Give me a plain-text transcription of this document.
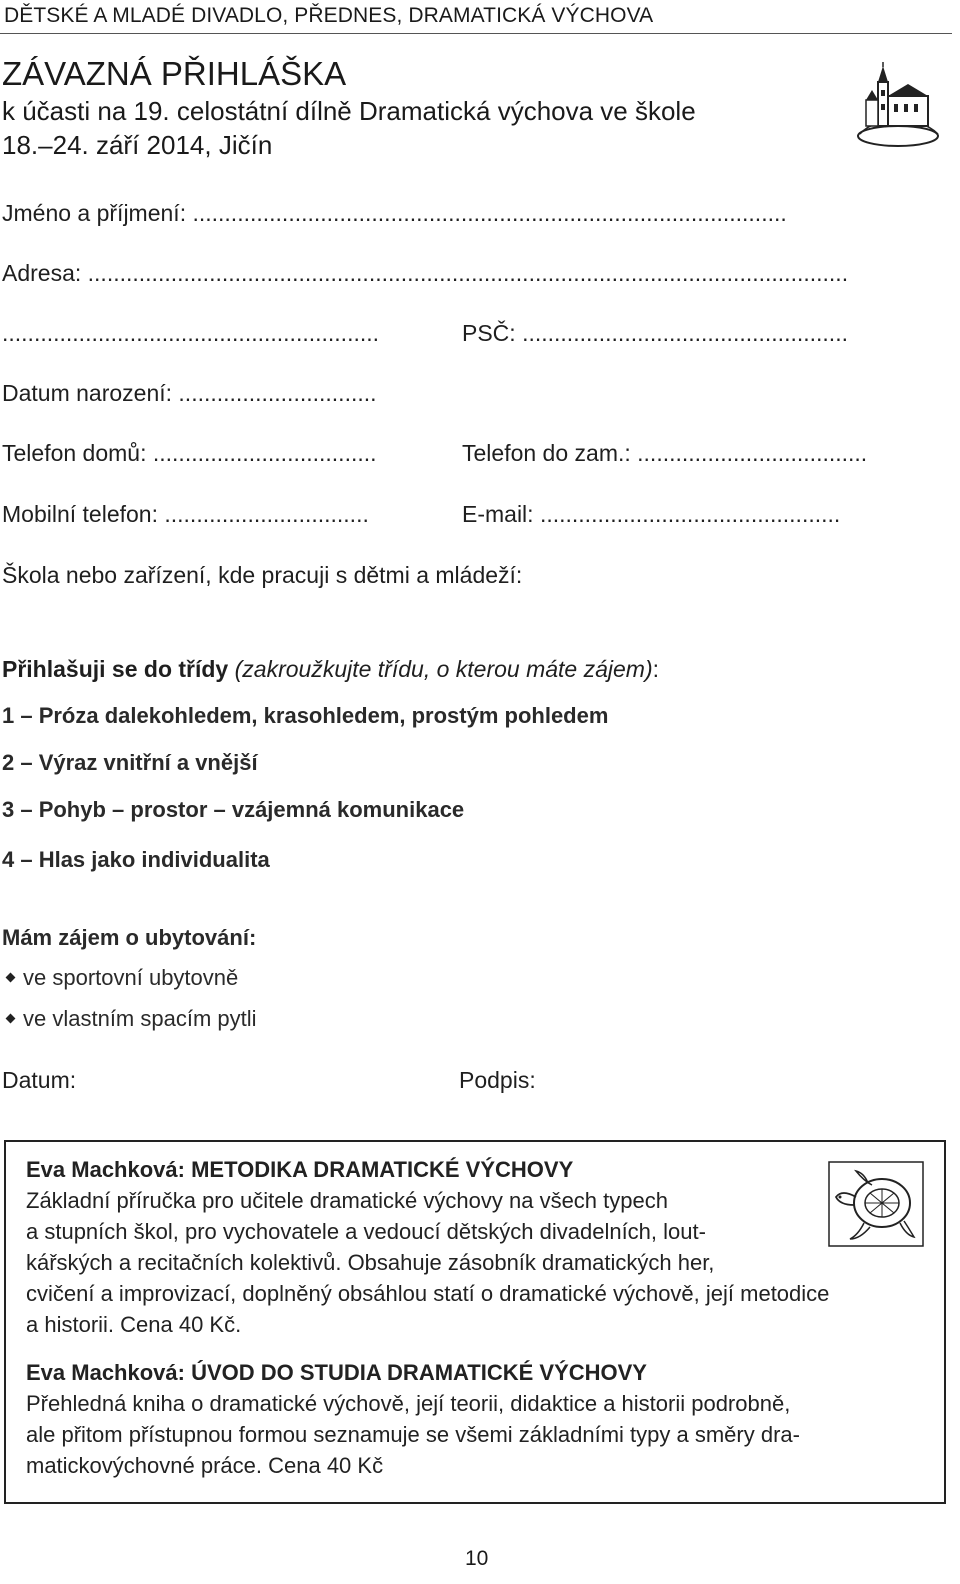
DĚTSKÉ A MLADÉ DIVADLO, PŘEDNES, DRAMATICKÁ VÝCHOVA
ZÁVAZNÁ PŘIHLÁŠKA
k účasti na 19. celostátní dílně Dramatická výchova ve škole
18.–24. září 2014, Jičín
Jméno a příjmení: .............................................................................................
Adresa: .......................................................................................................................
...........................................................	PSČ: ...................................................
Datum narození: ...............................
Telefon domů: ...................................	Telefon do zam.: ....................................
Mobilní telefon: ................................	E-mail: ...............................................
Škola nebo zařízení, kde pracuji s dětmi a mládeží:
Přihlašuji se do třídy (zakroužkujte třídu, o kterou máte zájem):
1 – Próza dalekohledem, krasohledem, prostým pohledem
2 – Výraz vnitřní a vnější
3 – Pohyb – prostor – vzájemná komunikace
4 – Hlas jako individualita
Mám zájem o ubytování:
ve sportovní ubytovně
ve vlastním spacím pytli
Datum:	Podpis:
Eva Machková: METODIKA DRAMATICKÉ VÝCHOVY
Základní příručka pro učitele dramatické výchovy na všech typech
a stupních škol, pro vychovatele a vedoucí dětských divadelních, lout-
kářských a recitačních kolektivů. Obsahuje zásobník dramatických her,
cvičení a improvizací, doplněný obsáhlou statí o dramatické výchově, její metodice
a historii. Cena 40 Kč.
Eva Machková: ÚVOD DO STUDIA DRAMATICKÉ VÝCHOVY
Přehledná kniha o dramatické výchově, její teorii, didaktice a historii podrobně,
ale přitom přístupnou formou seznamuje se všemi základními typy a směry dra-
matickovýchovné práce. Cena 40 Kč
10
